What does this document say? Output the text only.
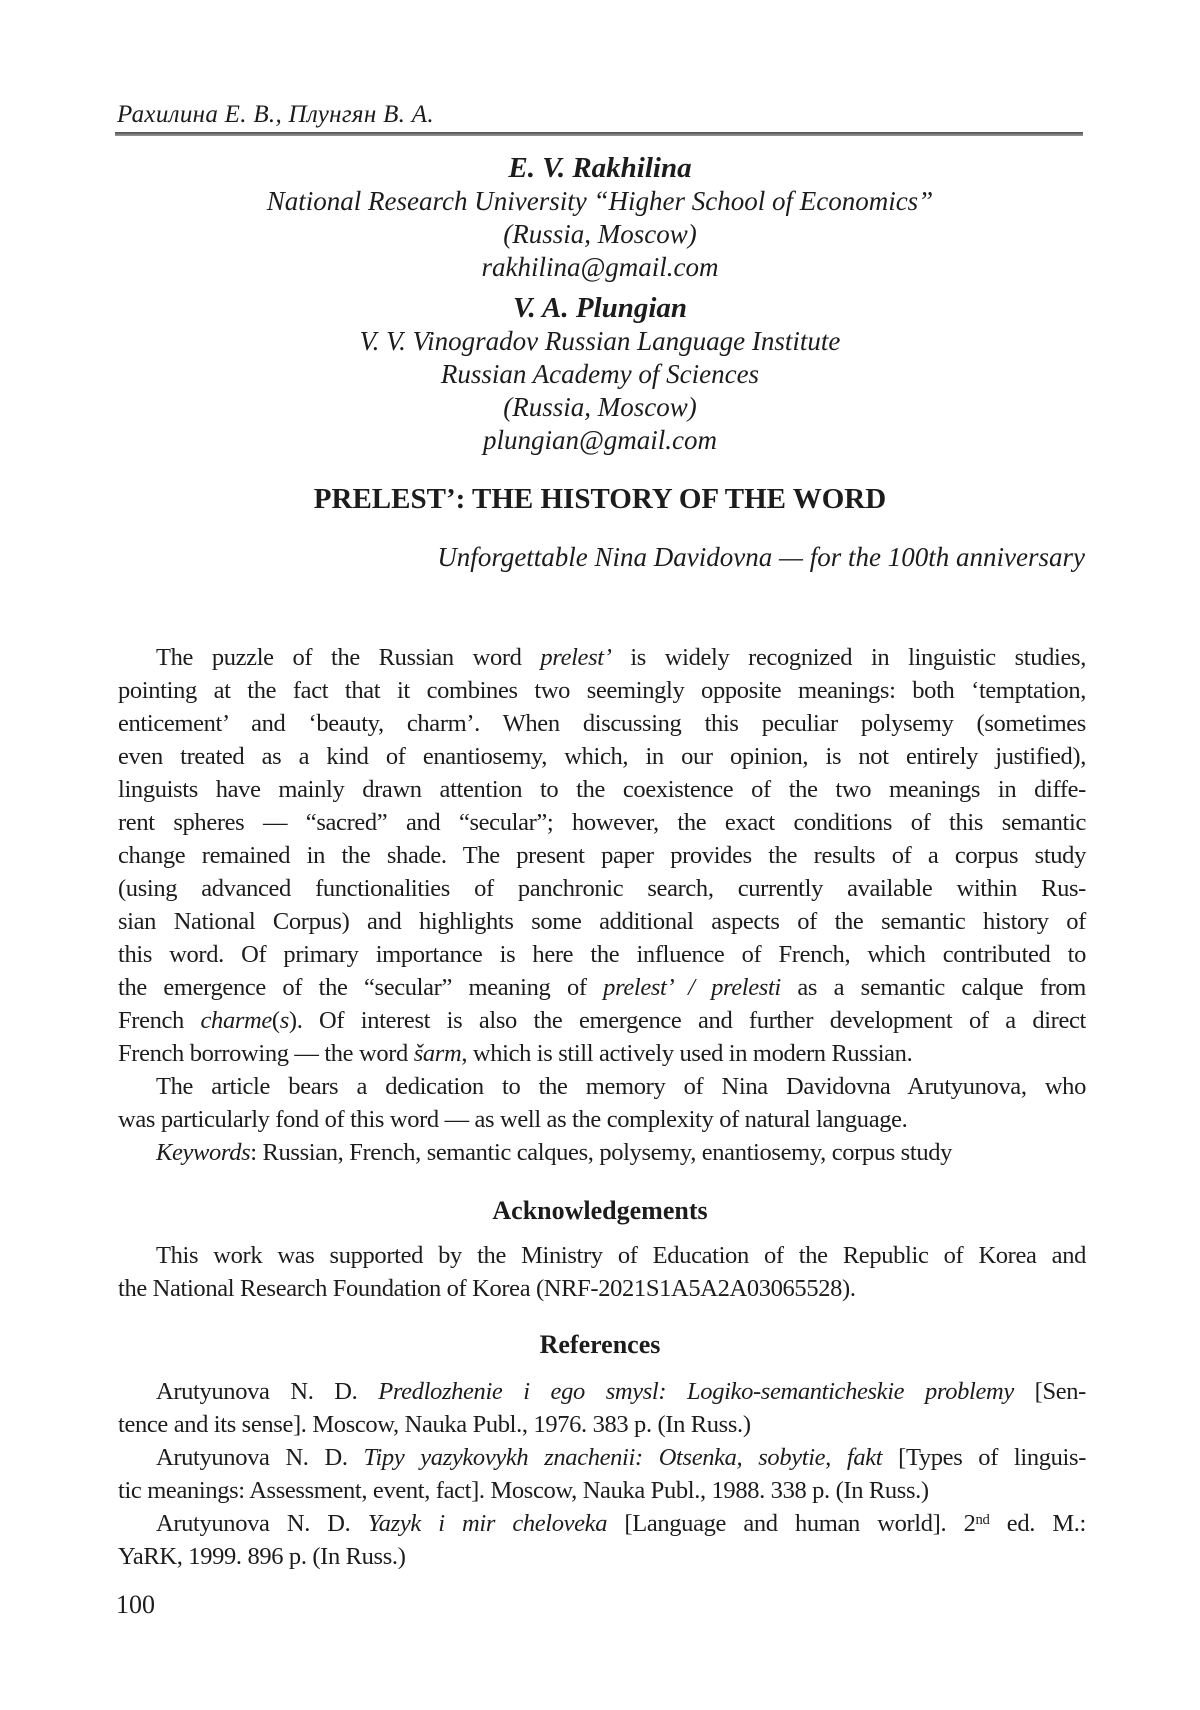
Рахилина Е. В., Плунгян В. А.
E. V. Rakhilina
National Research University “Higher School of Economics”
(Russia, Moscow)
rakhilina@gmail.com
V. A. Plungian
V. V. Vinogradov Russian Language Institute
Russian Academy of Sciences
(Russia, Moscow)
plungian@gmail.com
PRELEST’: THE HISTORY OF THE WORD
Unforgettable Nina Davidovna — for the 100th anniversary
The puzzle of the Russian word prelest’ is widely recognized in linguistic studies,
pointing at the fact that it combines two seemingly opposite meanings: both ‘temptation,
enticement’ and ‘beauty, charm’. When discussing this peculiar polysemy (sometimes
even treated as a kind of enantiosemy, which, in our opinion, is not entirely justified),
linguists have mainly drawn attention to the coexistence of the two meanings in diffe-
rent spheres — “sacred” and “secular”; however, the exact conditions of this semantic
change remained in the shade. The present paper provides the results of a corpus study
(using advanced functionalities of panchronic search, currently available within Rus-
sian National Corpus) and highlights some additional aspects of the semantic history of
this word. Of primary importance is here the influence of French, which contributed to
the emergence of the “secular” meaning of prelest’ / prelesti as a semantic calque from
French charme(s). Of interest is also the emergence and further development of a direct
French borrowing — the word šarm, which is still actively used in modern Russian.
The article bears a dedication to the memory of Nina Davidovna Arutyunova, who
was particularly fond of this word — as well as the complexity of natural language.
Keywords: Russian, French, semantic calques, polysemy, enantiosemy, corpus study
Acknowledgements
This work was supported by the Ministry of Education of the Republic of Korea and
the National Research Foundation of Korea (NRF-2021S1A5A2A03065528).
References
Arutyunova N. D. Predlozhenie i ego smysl: Logiko-semanticheskie problemy [Sen-
tence and its sense]. Moscow, Nauka Publ., 1976. 383 p. (In Russ.)
Arutyunova N. D. Tipy yazykovykh znachenii: Otsenka, sobytie, fakt [Types of linguis-
tic meanings: Assessment, event, fact]. Moscow, Nauka Publ., 1988. 338 p. (In Russ.)
Arutyunova N. D. Yazyk i mir cheloveka [Language and human world]. 2nd ed. M.:
YaRK, 1999. 896 p. (In Russ.)
100
